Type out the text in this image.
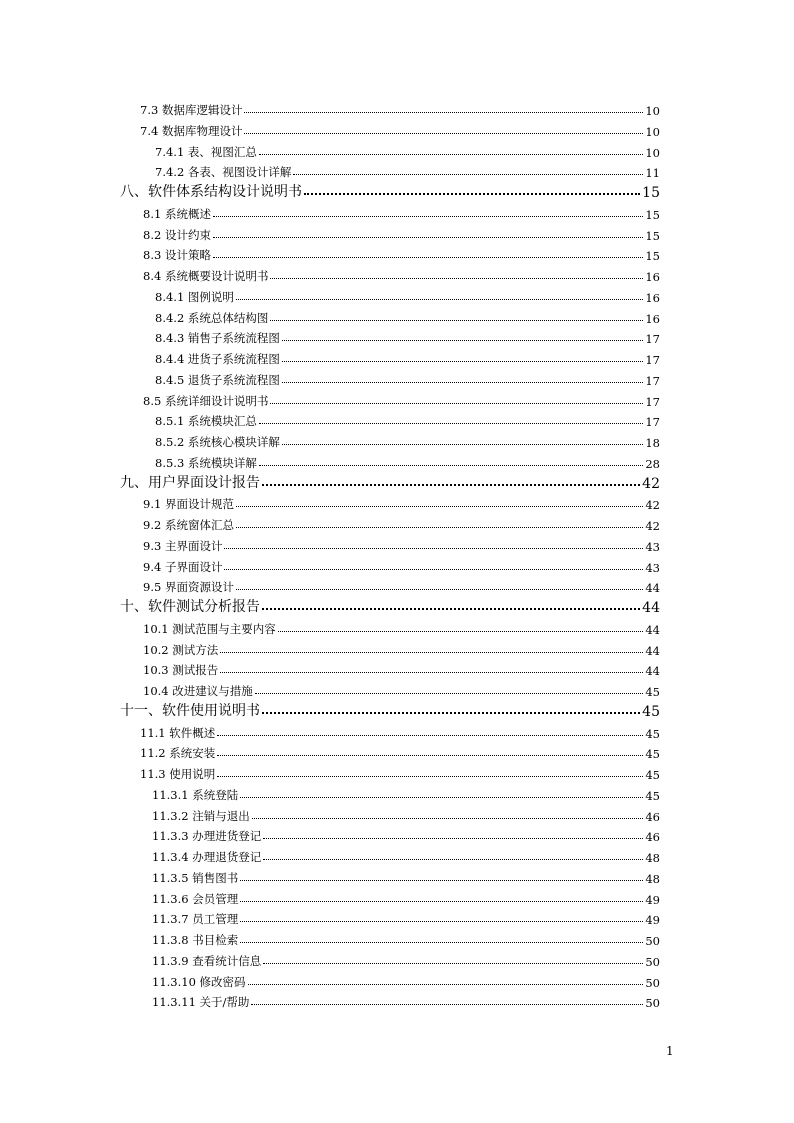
7.3 数据库逻辑设计	10
7.4 数据库物理设计	10
7.4.1 表、视图汇总	10
7.4.2 各表、视图设计详解	11
八、软件体系结构设计说明书	15
8.1 系统概述	15
8.2 设计约束	15
8.3 设计策略	15
8.4 系统概要设计说明书	16
8.4.1 图例说明	16
8.4.2 系统总体结构图	16
8.4.3 销售子系统流程图	17
8.4.4 进货子系统流程图	17
8.4.5 退货子系统流程图	17
8.5 系统详细设计说明书	17
8.5.1 系统模块汇总	17
8.5.2 系统核心模块详解	18
8.5.3 系统模块详解	28
九、用户界面设计报告	42
9.1 界面设计规范	42
9.2 系统窗体汇总	42
9.3 主界面设计	43
9.4 子界面设计	43
9.5 界面资源设计	44
十、软件测试分析报告	44
10.1 测试范围与主要内容	44
10.2 测试方法	44
10.3 测试报告	44
10.4 改进建议与措施	45
十一、软件使用说明书	45
11.1 软件概述	45
11.2 系统安装	45
11.3 使用说明	45
11.3.1 系统登陆	45
11.3.2 注销与退出	46
11.3.3 办理进货登记	46
11.3.4 办理退货登记	48
11.3.5 销售图书	48
11.3.6 会员管理	49
11.3.7 员工管理	49
11.3.8 书目检索	50
11.3.9 查看统计信息	50
11.3.10 修改密码	50
11.3.11 关于/帮助	50
1
